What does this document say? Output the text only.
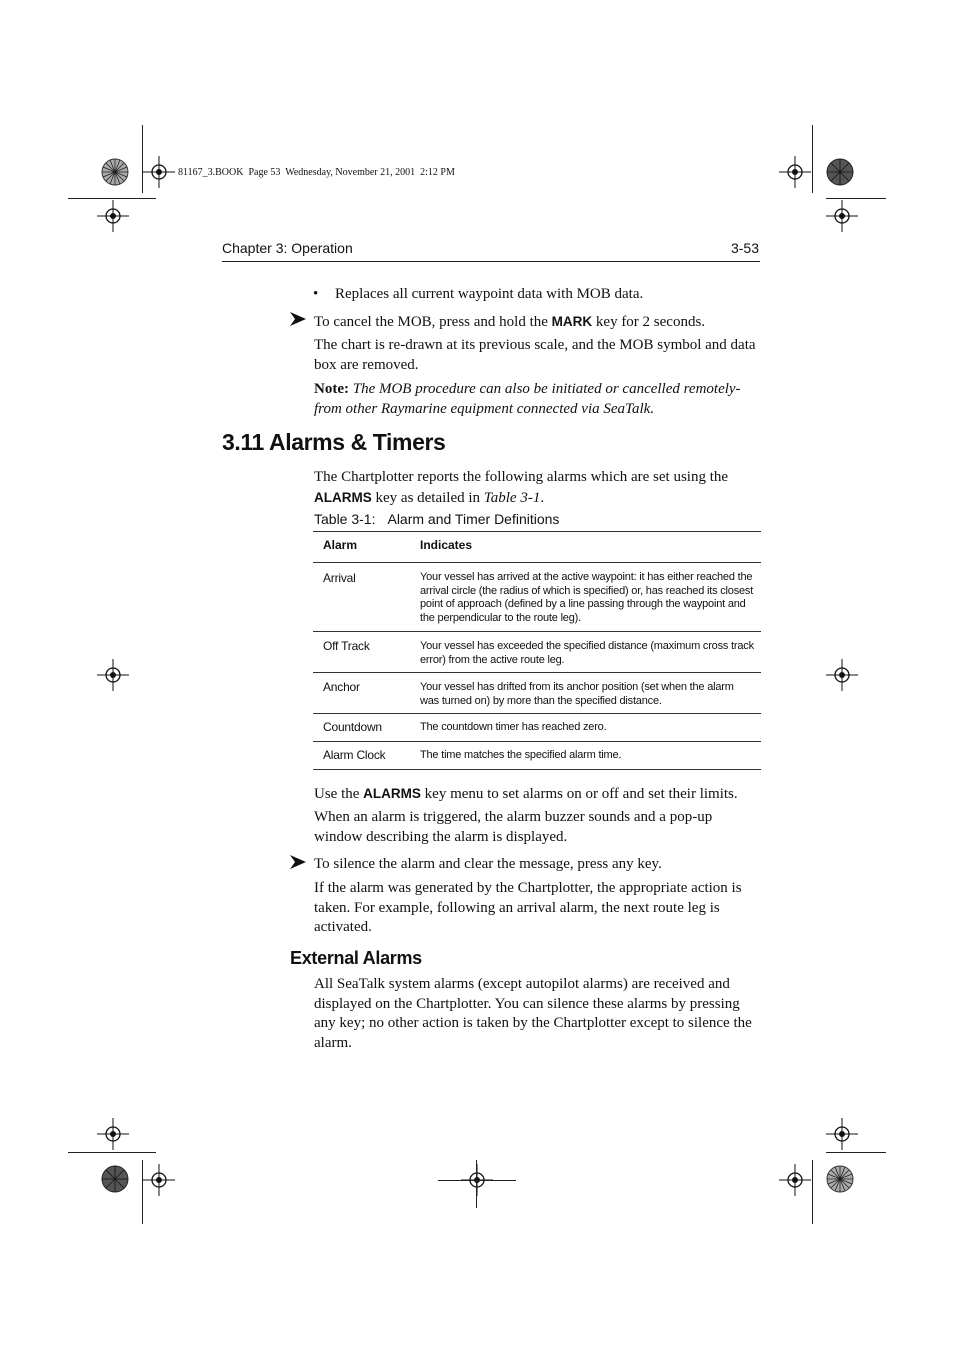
81167_3.BOOK  Page 53  Wednesday, November 21, 2001  2:12 PM
Chapter 3: Operation	3-53
• Replaces all current waypoint data with MOB data.
To cancel the MOB, press and hold the MARK key for 2 seconds.
The chart is re-drawn at its previous scale, and the MOB symbol and data box are removed.
Note: The MOB procedure can also be initiated or cancelled remotely-from other Raymarine equipment connected via SeaTalk.
3.11 Alarms & Timers
The Chartplotter reports the following alarms which are set using the ALARMS key as detailed in Table 3-1.
Table 3-1: Alarm and Timer Definitions
Alarm	Indicates
Arrival	Your vessel has arrived at the active waypoint: it has either reached the arrival circle (the radius of which is specified) or, has reached its closest point of approach (defined by a line passing through the waypoint and the perpendicular to the route leg).
Off Track	Your vessel has exceeded the specified distance (maximum cross track error) from the active route leg.
Anchor	Your vessel has drifted from its anchor position (set when the alarm was turned on) by more than the specified distance.
Countdown	The countdown timer has reached zero.
Alarm Clock	The time matches the specified alarm time.
Use the ALARMS key menu to set alarms on or off and set their limits.
When an alarm is triggered, the alarm buzzer sounds and a pop-up window describing the alarm is displayed.
To silence the alarm and clear the message, press any key.
If the alarm was generated by the Chartplotter, the appropriate action is taken. For example, following an arrival alarm, the next route leg is activated.
External Alarms
All SeaTalk system alarms (except autopilot alarms) are received and displayed on the Chartplotter. You can silence these alarms by pressing any key; no other action is taken by the Chartplotter except to silence the alarm.
